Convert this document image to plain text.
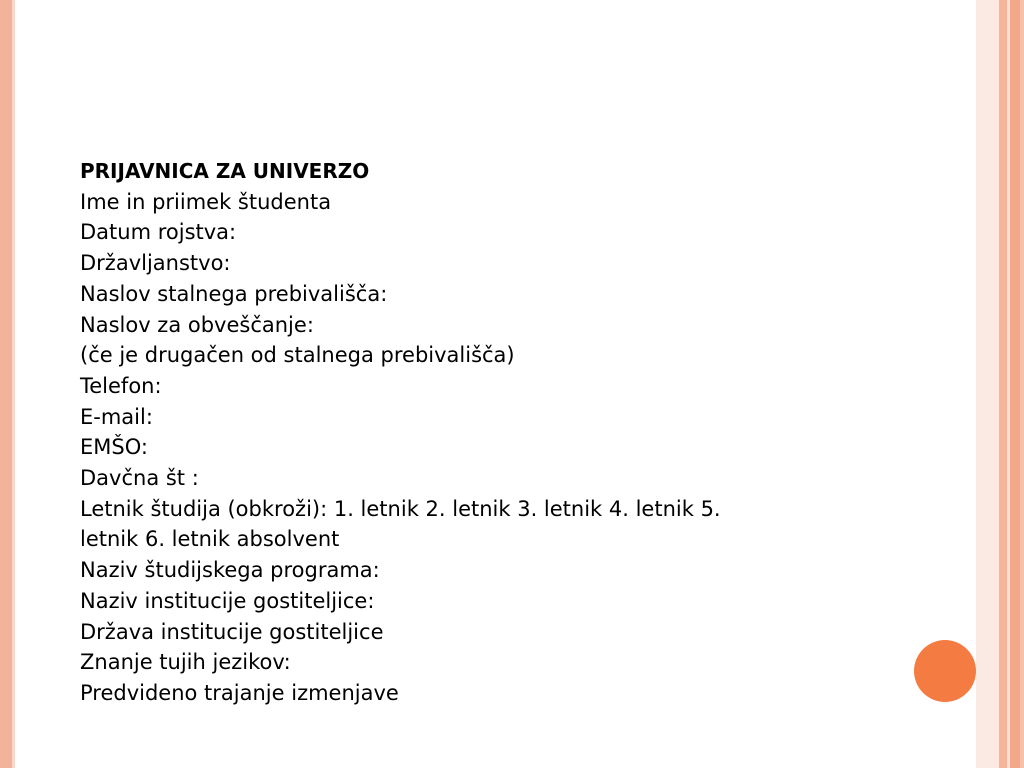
PRIJAVNICA ZA UNIVERZO
Ime in priimek študenta
Datum rojstva:
Državljanstvo:
Naslov stalnega prebivališča:
Naslov za obveščanje:
(če je drugačen od stalnega prebivališča)
Telefon:
E-mail:
EMŠO:
Davčna št :
Letnik študija (obkroži): 1. letnik 2. letnik 3. letnik 4. letnik 5.
letnik 6. letnik absolvent
Naziv študijskega programa:
Naziv institucije gostiteljice:
Država institucije gostiteljice
Znanje tujih jezikov:
Predvideno trajanje izmenjave
